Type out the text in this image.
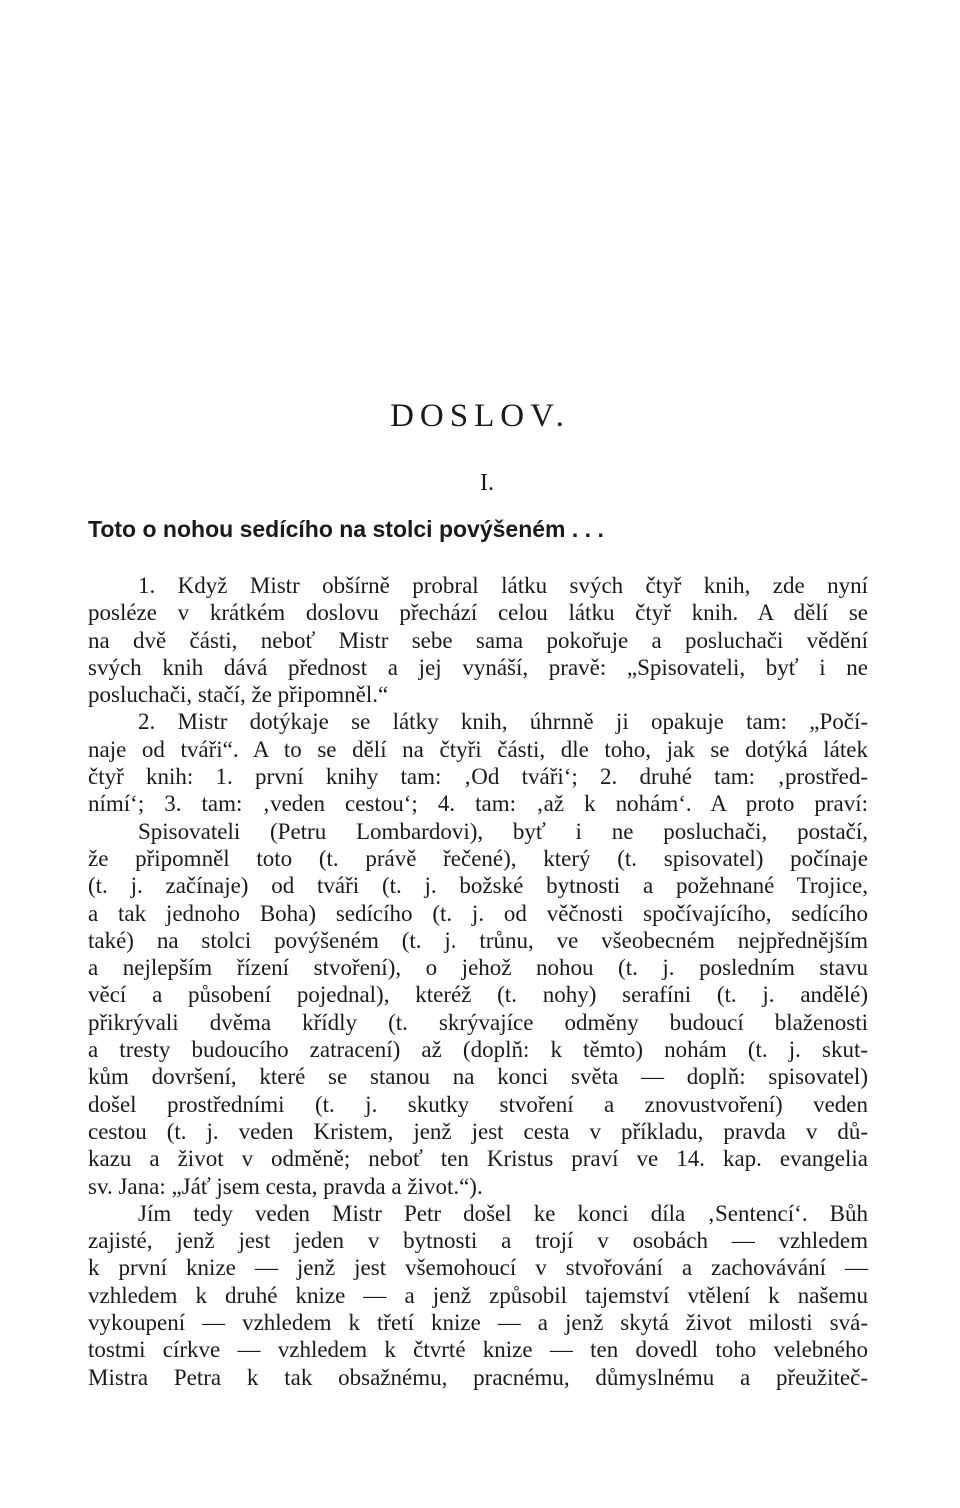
DOSLOV.
I.
Toto o nohou sedícího na stolci povýšeném . . .
1. Když Mistr obšírně probral látku svých čtyř knih, zde nyní
posléze v krátkém doslovu přechází celou látku čtyř knih. A dělí se
na dvě části, neboť Mistr sebe sama pokořuje a posluchači vědění
svých knih dává přednost a jej vynáší, pravě: „Spisovateli, byť i ne
posluchači, stačí, že připomněl.“
2. Mistr dotýkaje se látky knih, úhrnně ji opakuje tam: „Počí-
naje od tváři“. A to se dělí na čtyři části, dle toho, jak se dotýká látek
čtyř knih: 1. první knihy tam: ‚Od tváři‘; 2. druhé tam: ‚prostřed-
nímí‘; 3. tam: ‚veden cestou‘; 4. tam: ‚až k nohám‘. A proto praví:
Spisovateli (Petru Lombardovi), byť i ne posluchači, postačí,
že připomněl toto (t. právě řečené), který (t. spisovatel) počínaje
(t. j. začínaje) od tváři (t. j. božské bytnosti a požehnané Trojice,
a tak jednoho Boha) sedícího (t. j. od věčnosti spočívajícího, sedícího
také) na stolci povýšeném (t. j. trůnu, ve všeobecném nejpřednějším
a nejlepším řízení stvoření), o jehož nohou (t. j. posledním stavu
věcí a působení pojednal), kteréž (t. nohy) serafíni (t. j. andělé)
přikrývali dvěma křídly (t. skrývajíce odměny budoucí blaženosti
a tresty budoucího zatracení) až (doplň: k těmto) nohám (t. j. skut-
kům dovršení, které se stanou na konci světa — doplň: spisovatel)
došel prostředními (t. j. skutky stvoření a znovustvoření) veden
cestou (t. j. veden Kristem, jenž jest cesta v příkladu, pravda v dů-
kazu a život v odměně; neboť ten Kristus praví ve 14. kap. evangelia
sv. Jana: „Jáť jsem cesta, pravda a život.“).
Jím tedy veden Mistr Petr došel ke konci díla ‚Sentencí‘. Bůh
zajisté, jenž jest jeden v bytnosti a trojí v osobách — vzhledem
k první knize — jenž jest všemohoucí v stvořování a zachovávání —
vzhledem k druhé knize — a jenž způsobil tajemství vtělení k našemu
vykoupení — vzhledem k třetí knize — a jenž skytá život milosti svá-
tostmi církve — vzhledem k čtvrté knize — ten dovedl toho velebného
Mistra Petra k tak obsažnému, pracnému, důmyslnému a přeužiteč-
